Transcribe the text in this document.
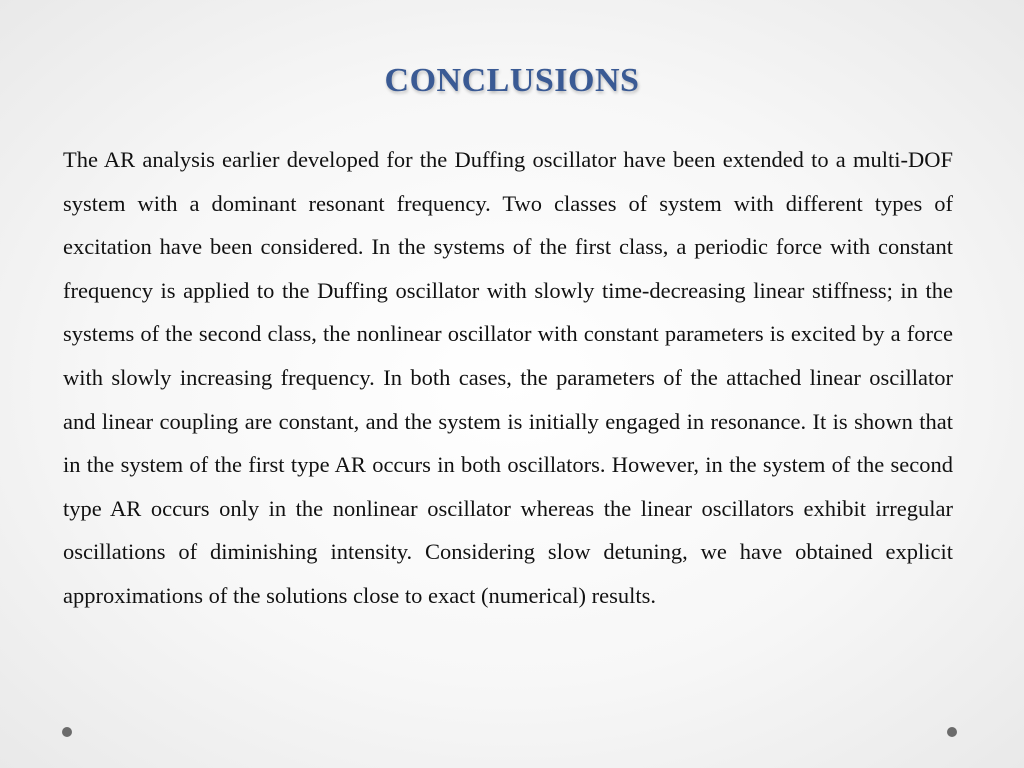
CONCLUSIONS

The AR analysis earlier developed for the Duffing oscillator have been extended to a multi-DOF system with a dominant resonant frequency. Two classes of system with different types of excitation have been considered. In the systems of the first class, a periodic force with constant frequency is applied to the Duffing oscillator with slowly time-decreasing linear stiffness; in the systems of the second class, the nonlinear oscillator with constant parameters is excited by a force with slowly increasing frequency. In both cases, the parameters of the attached linear oscillator and linear coupling are constant, and the system is initially engaged in resonance. It is shown that in the system of the first type AR occurs in both oscillators. However, in the system of the second type AR occurs only in the nonlinear oscillator whereas the linear oscillators exhibit irregular oscillations of diminishing intensity. Considering slow detuning, we have obtained explicit approximations of the solutions close to exact (numerical) results.
